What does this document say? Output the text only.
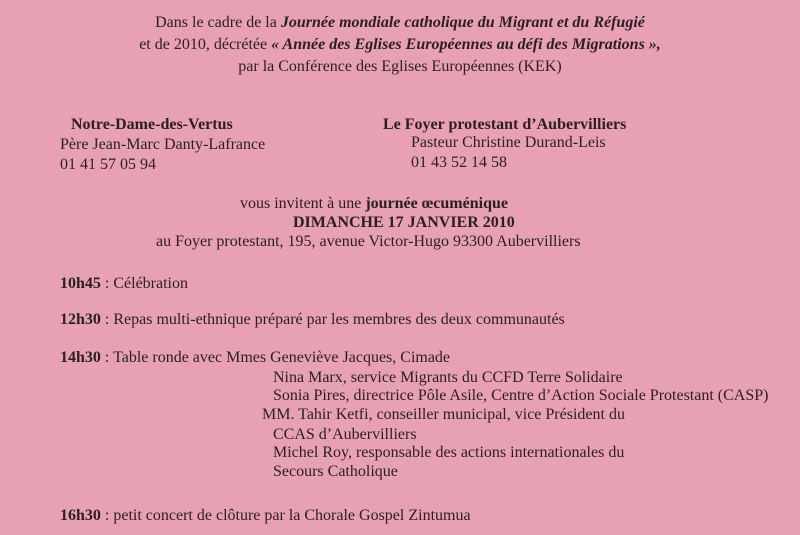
Dans le cadre de la Journée mondiale catholique du Migrant et du Réfugié
et de 2010, décrétée « Année des Eglises Européennes au défi des Migrations »,
par la Conférence des Eglises Européennes (KEK)
Notre-Dame-des-Vertus
Père Jean-Marc Danty-Lafrance
01 41 57 05 94
Le Foyer protestant d’Aubervilliers
Pasteur Christine Durand-Leis
01 43 52 14 58
vous invitent à une journée œcuménique
DIMANCHE 17 JANVIER 2010
au Foyer protestant, 195, avenue Victor-Hugo 93300 Aubervilliers
10h45 : Célébration
12h30 : Repas multi-ethnique préparé par les membres des deux communautés
14h30 : Table ronde avec Mmes Geneviève Jacques, Cimade
Nina Marx, service Migrants du CCFD Terre Solidaire
Sonia Pires, directrice Pôle Asile, Centre d’Action Sociale Protestant (CASP)
MM. Tahir Ketfi, conseiller municipal, vice Président du
CCAS d’Aubervilliers
Michel Roy, responsable des actions internationales du
Secours Catholique
16h30 : petit concert de clôture par la Chorale Gospel Zintumua
